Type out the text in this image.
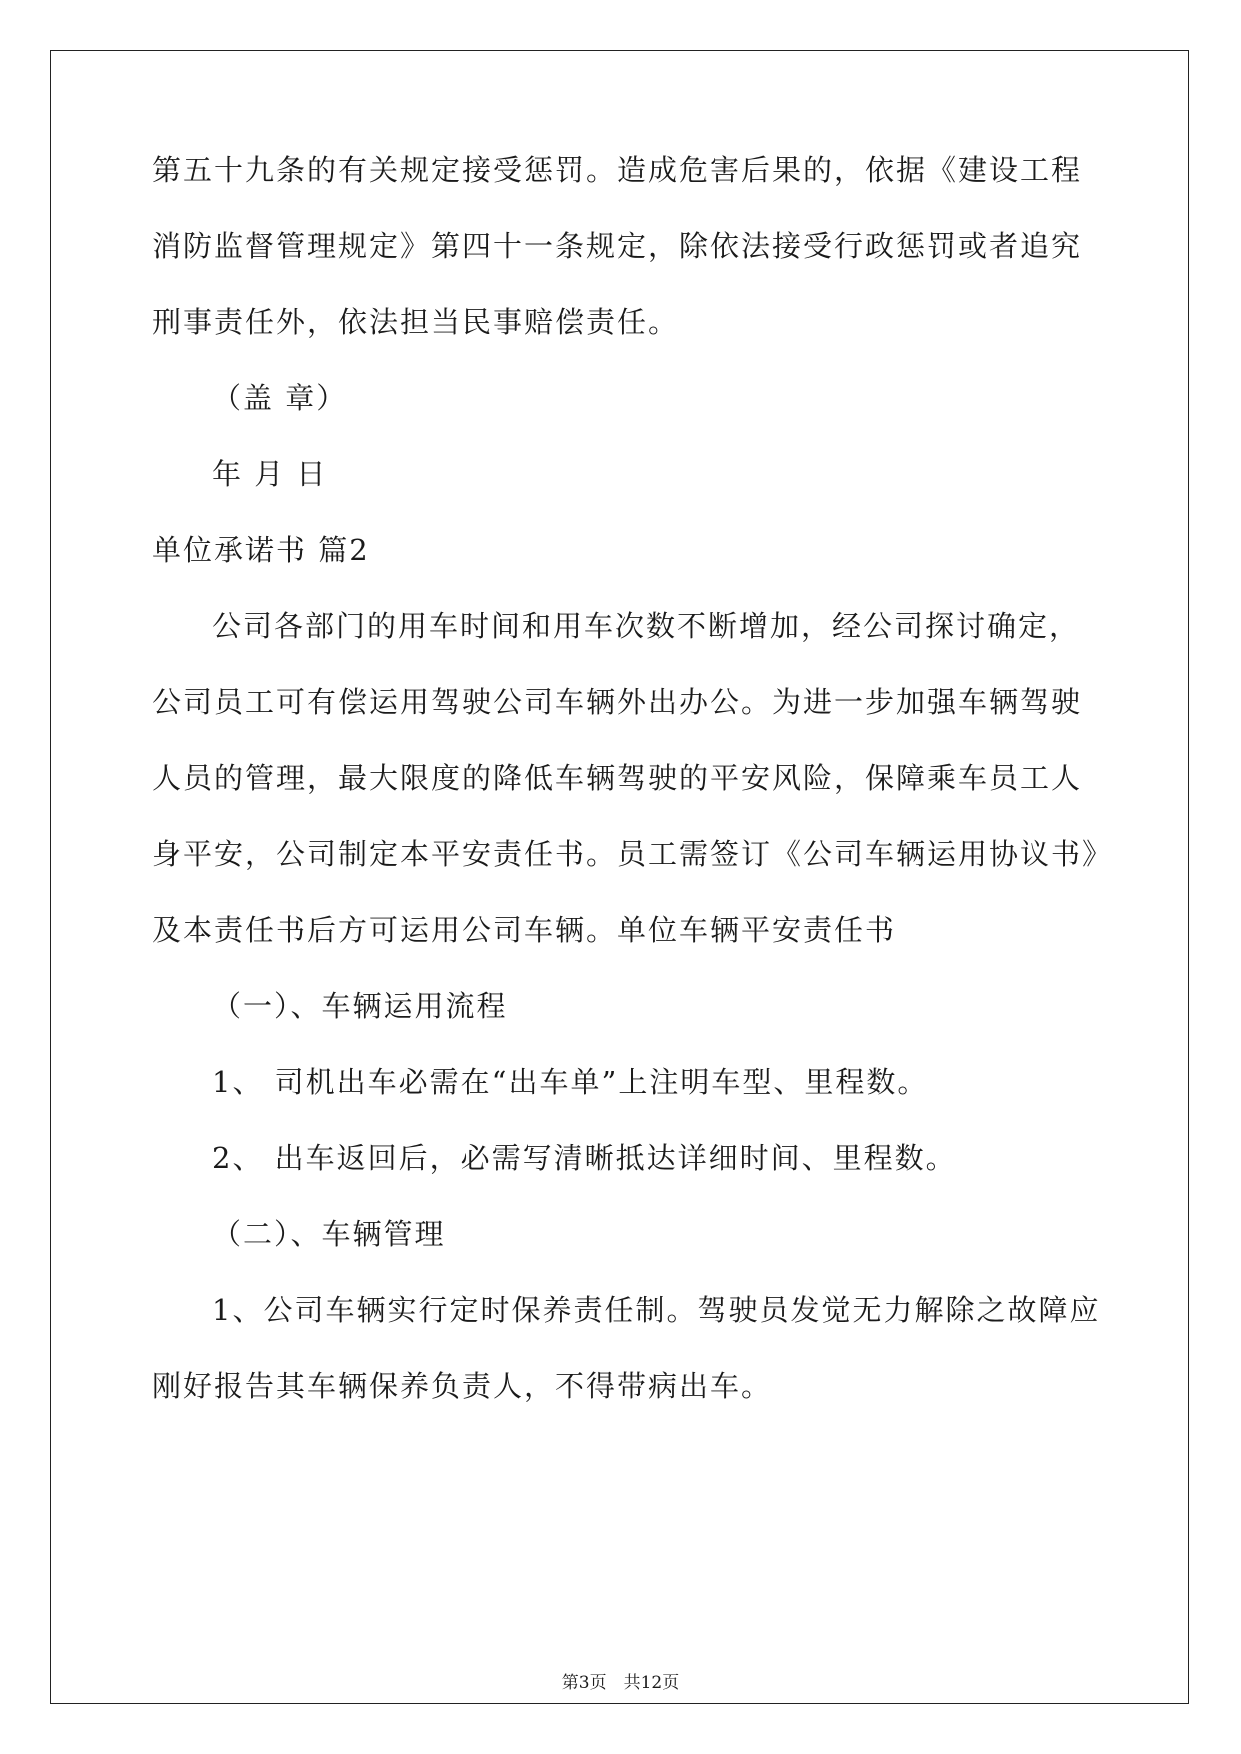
第五十九条的有关规定接受惩罚。造成危害后果的，依据《建设工程
消防监督管理规定》第四十一条规定，除依法接受行政惩罚或者追究
刑事责任外，依法担当民事赔偿责任。
（盖 章）
年 月 日
单位承诺书 篇2
公司各部门的用车时间和用车次数不断增加，经公司探讨确定，
公司员工可有偿运用驾驶公司车辆外出办公。为进一步加强车辆驾驶
人员的管理，最大限度的降低车辆驾驶的平安风险，保障乘车员工人
身平安，公司制定本平安责任书。员工需签订《公司车辆运用协议书》
及本责任书后方可运用公司车辆。单位车辆平安责任书
（一）、车辆运用流程
1、 司机出车必需在“出车单”上注明车型、里程数。
2、 出车返回后，必需写清晰抵达详细时间、里程数。
（二）、车辆管理
1、公司车辆实行定时保养责任制。驾驶员发觉无力解除之故障应
刚好报告其车辆保养负责人，不得带病出车。
第3页　共12页
